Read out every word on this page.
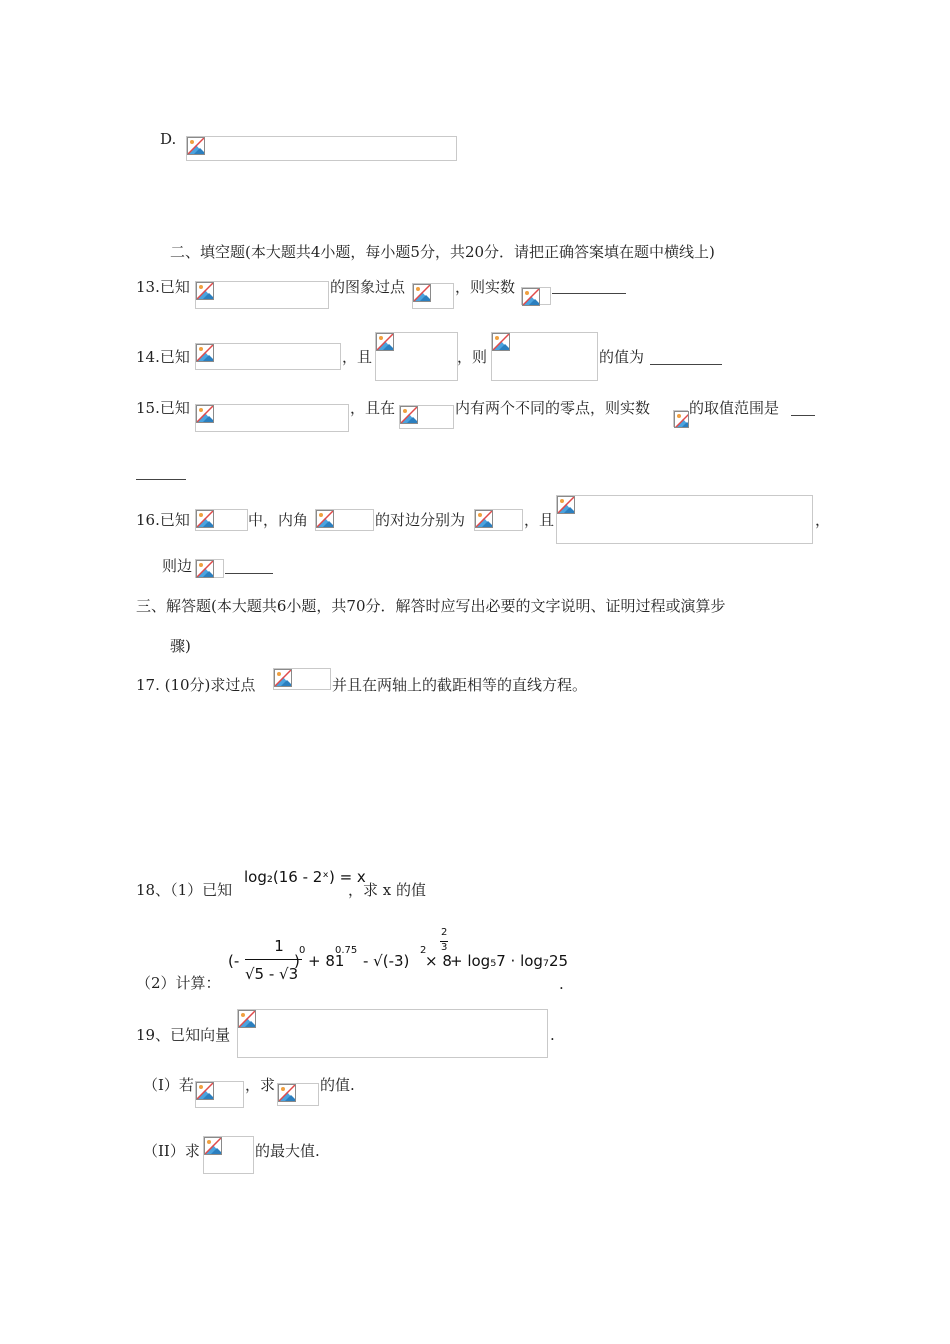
D.
二、填空题(本大题共4小题，每小题5分，共20分．请把正确答案填在题中横线上)
13.已知	的图象过点	，则实数
14.已知	，且	，则	的值为
15.已知	，且在	内有两个不同的零点，则实数	的取值范围是
16.已知	中，内角	的对边分别为	，且	，
则边
三、解答题(本大题共6小题，共70分．解答时应写出必要的文字说明、证明过程或演算步
骤)
17. (10分)求过点	并且在两轴上的截距相等的直线方程。
18、（1）已知
log₂(16 - 2ˣ) = x
，求 x 的值
（2）计算：
(-
1
√5 - √3
)
0
+ 81
0.75
- √(-3)
2
× 8
2
3
+ log₅7 · log₇25
.
19、已知向量	.
（I）若	，求	的值.
（II）求	的最大值.
